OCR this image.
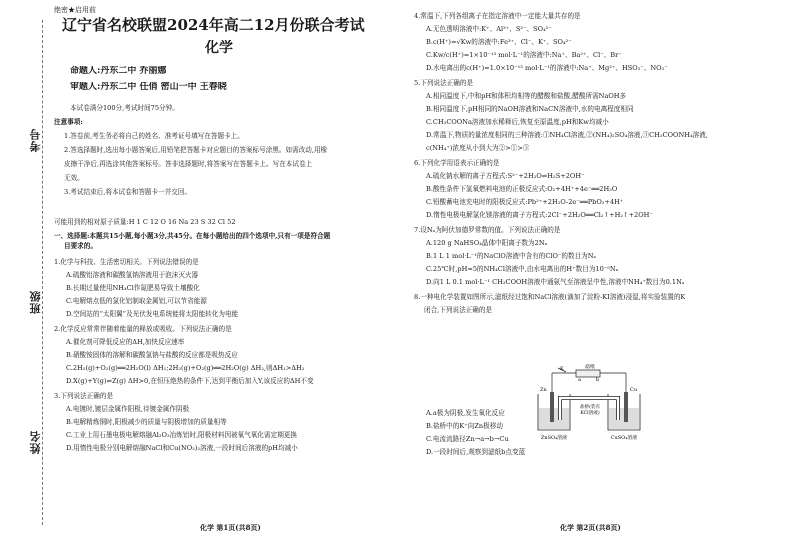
考号
班级
姓名
绝密★启用前
辽宁省名校联盟2024年高二12月份联合考试
化学
命题人:丹东二中 乔丽娜
审题人:丹东二中 任俏 密山一中 王春晓
本试卷满分100分,考试时间75分钟。
注意事项:
1.答卷前,考生务必将自己的姓名、准考证号填写在答题卡上。
2.答选择题时,选出每小题答案后,用铅笔把答题卡对应题目的答案标号涂黑。如需改动,用橡
皮擦干净后,再选涂其他答案标号。答非选择题时,将答案写在答题卡上。写在本试卷上
无效。
3.考试结束后,将本试卷和答题卡一并交回。
可能用到的相对原子质量:H 1 C 12 O 16 Na 23 S 32 Cl 52
一、选择题:本题共15小题,每小题3分,共45分。在每小题给出的四个选项中,只有一项是符合题
目要求的。
1.化学与科技、生活密切相关。下列说法错误的是
A.硫酸铝溶液和碳酸氢钠溶液用于泡沫灭火器
B.长期过量使用NH₄Cl作氮肥易导致土壤酸化
C.电解熔点低的氯化铝制取金属铝,可以节省能源
D.空间站的“太阳翼”及光伏发电系统能将太阳能转化为电能
2.化学反应常常伴随着能量的释放或吸收。下列说法正确的是
A.催化剂可降低反应的ΔH,加快反应速率
B.硝酸铵固体的溶解和碳酸氢钠与盐酸的反应都是吸热反应
C.2H₂(g)+O₂(g)══2H₂O(l) ΔH₁;2H₂(g)+O₂(g)══2H₂O(g) ΔH₂,则ΔH₁>ΔH₂
D.X(g)+Y(g)⇌Z(g) ΔH>0,在恒压绝热的条件下,达到平衡后加入Y,该反应的ΔH不变
3.下列说法正确的是
A.电镀时,镀层金属作阳极,待镀金属作阴极
B.电解精炼铜时,阳极减少的质量与阴极增加的质量相等
C.工业上用石墨电极电解熔融Al₂O₃冶炼铝时,阳极材料因被氧气氧化需定期更换
D.用惰性电极分别电解熔融NaCl和Cu(NO₃)₂溶液,一段时间后溶液的pH均减小
化学 第1页(共8页)
4.常温下,下列各组离子在指定溶液中一定能大量共存的是
A.无色透明溶液中:K⁺、Al³⁺、S²⁻、SO₄²⁻
B.c(H⁺)=√Kw的溶液中:Fe³⁺、Cl⁻、K⁺、SO₄²⁻
C.Kw/c(H⁺)=1×10⁻¹³ mol·L⁻¹的溶液中:Na⁺、Ba²⁺、Cl⁻、Br⁻
D.水电离出的c(H⁺)=1.0×10⁻¹³ mol·L⁻¹的溶液中:Na⁺、Mg²⁺、HSO₃⁻、NO₃⁻
5.下列说法正确的是
A.相同温度下,中和pH和体积均相等的醋酸和盐酸,醋酸所需NaOH多
B.相同温度下,pH相同的NaOH溶液和NaCN溶液中,水的电离程度相同
C.CH₃COONa溶液加水稀释后,恢复至原温度,pH和Kw均减小
D.常温下,物质的量浓度相同的三种溶液:①NH₄Cl溶液,②(NH₄)₂SO₄溶液,③CH₃COONH₄溶液,
c(NH₄⁺)浓度从小到大为②>①>③
6.下列化学用语表示正确的是
A.硫化钠水解的离子方程式:S²⁻+2H₂O⇌H₂S+2OH⁻
B.酸性条件下氢氧燃料电池的正极反应式:O₂+4H⁺+4e⁻══2H₂O
C.铅酸蓄电池充电时的阳极反应式:Pb²⁺+2H₂O-2e⁻══PbO₂+4H⁺
D.惰性电极电解氯化镁溶液的离子方程式:2Cl⁻+2H₂O══Cl₂↑+H₂↑+2OH⁻
7.设Nₐ为阿伏加德罗常数的值。下列说法正确的是
A.120 g NaHSO₄晶体中阳离子数为2Nₐ
B.1 L 1 mol·L⁻¹的NaClO溶液中含有的ClO⁻的数目为Nₐ
C.25℃时,pH=5的NH₄Cl溶液中,由水电离出的H⁺数目为10⁻⁵Nₐ
D.向1 L 0.1 mol·L⁻¹ CH₃COOH溶液中通氨气至溶液呈中性,溶液中NH₄⁺数目为0.1Nₐ
8.一种电化学装置如图所示,滤纸经过饱和NaCl溶液(滴加了淀粉-KI溶液)浸湿,将实验装置的K
闭合,下列说法正确的是
A.a极为阴极,发生氧化反应
B.盐桥中的K⁺向Zn极移动
C.电流流路径Zn→a→b→Cu
D.一段时间后,观察到滤纸b点变蓝
滤纸
K
a	b
Zn	Cu
盐桥(装有
KCl溶液)
ZnSO₄溶液	CuSO₄溶液
化学 第2页(共8页)
